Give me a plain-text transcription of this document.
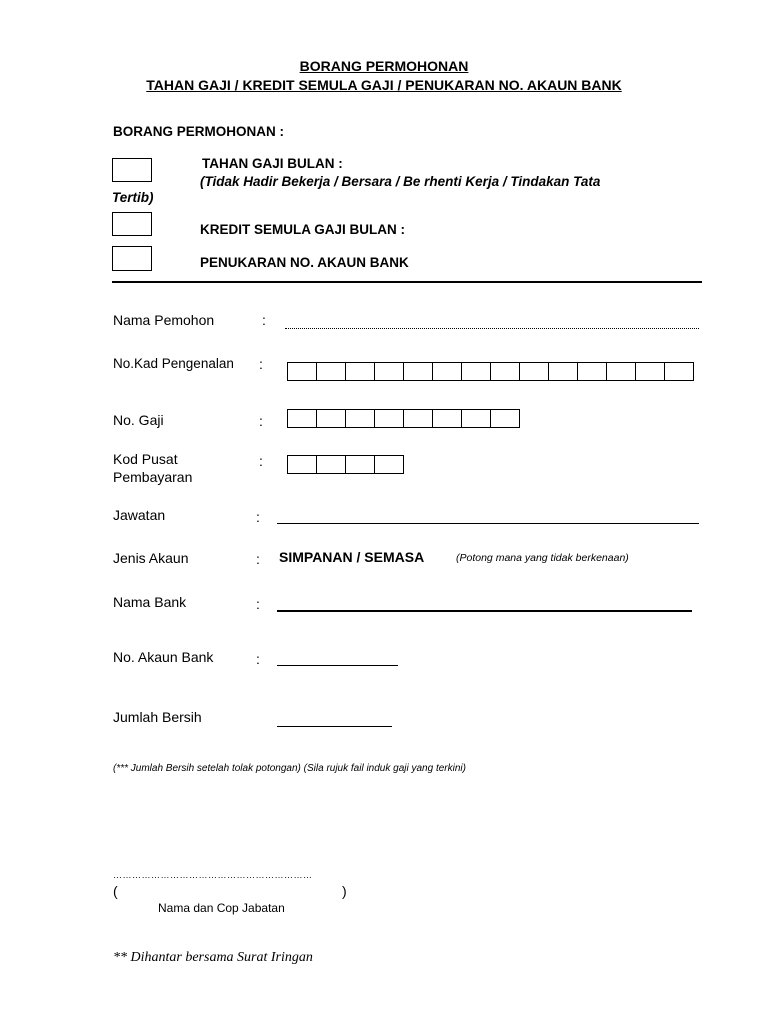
BORANG PERMOHONAN
TAHAN GAJI / KREDIT SEMULA GAJI / PENUKARAN NO. AKAUN BANK
BORANG PERMOHONAN :
TAHAN GAJI BULAN :
(Tidak Hadir Bekerja / Bersara / Be rhenti Kerja / Tindakan Tata
Tertib)
KREDIT SEMULA GAJI BULAN :
PENUKARAN NO. AKAUN BANK
Nama Pemohon	:
No.Kad Pengenalan :
No. Gaji	:
Kod Pusat
Pembayaran
:
Jawatan	:
Jenis Akaun	: SIMPANAN / SEMASA	(Potong mana yang tidak berkenaan)
Nama Bank	:
No. Akaun Bank	:
Jumlah Bersih
(*** Jumlah Bersih setelah tolak potongan) (Sila rujuk fail induk gaji yang terkini)
………………………………………………………
(	)
Nama dan Cop Jabatan
** Dihantar bersama Surat Iringan
